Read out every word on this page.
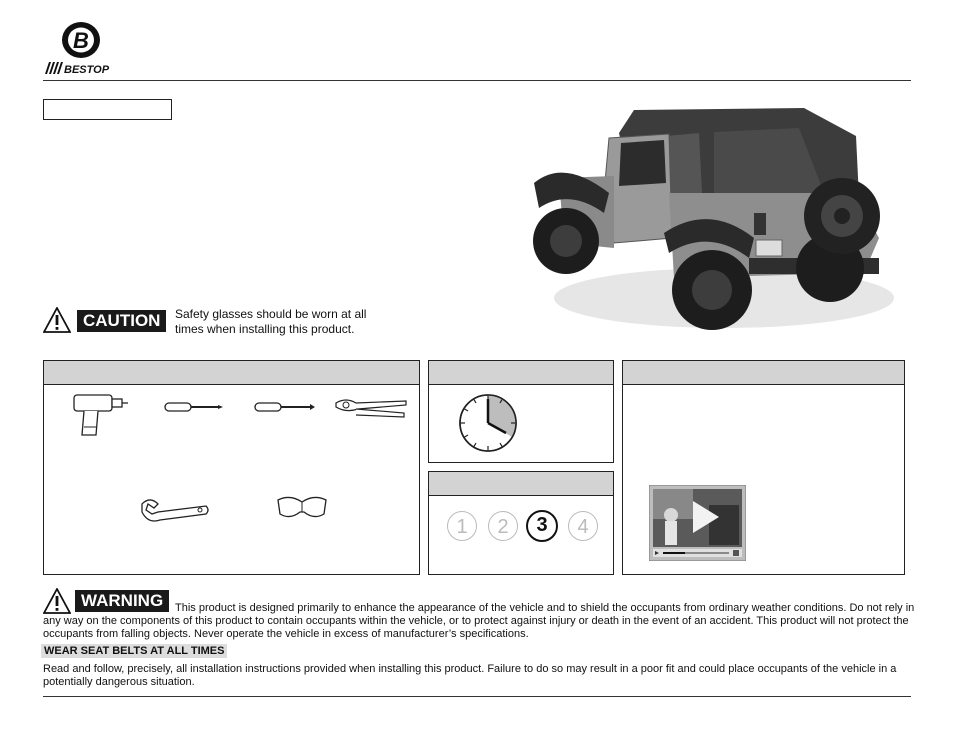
B
BESTOP
CAUTION	Safety glasses should be worn at all
times when installing this product.
1	2	3	4
WARNING	This product is designed primarily to enhance the appearance of the vehicle and to shield the occupants from ordinary weather conditions. Do not rely in
any way on the components of this product to contain occupants within the vehicle, or to protect against injury or death in the event of an accident. This product will not protect the
occupants from falling objects. Never operate the vehicle in excess of manufacturer’s specifications.
WEAR SEAT BELTS AT ALL TIMES
Read and follow, precisely, all installation instructions provided when installing this product. Failure to do so may result in a poor fit and could place occupants of the vehicle in a
potentially dangerous situation.
